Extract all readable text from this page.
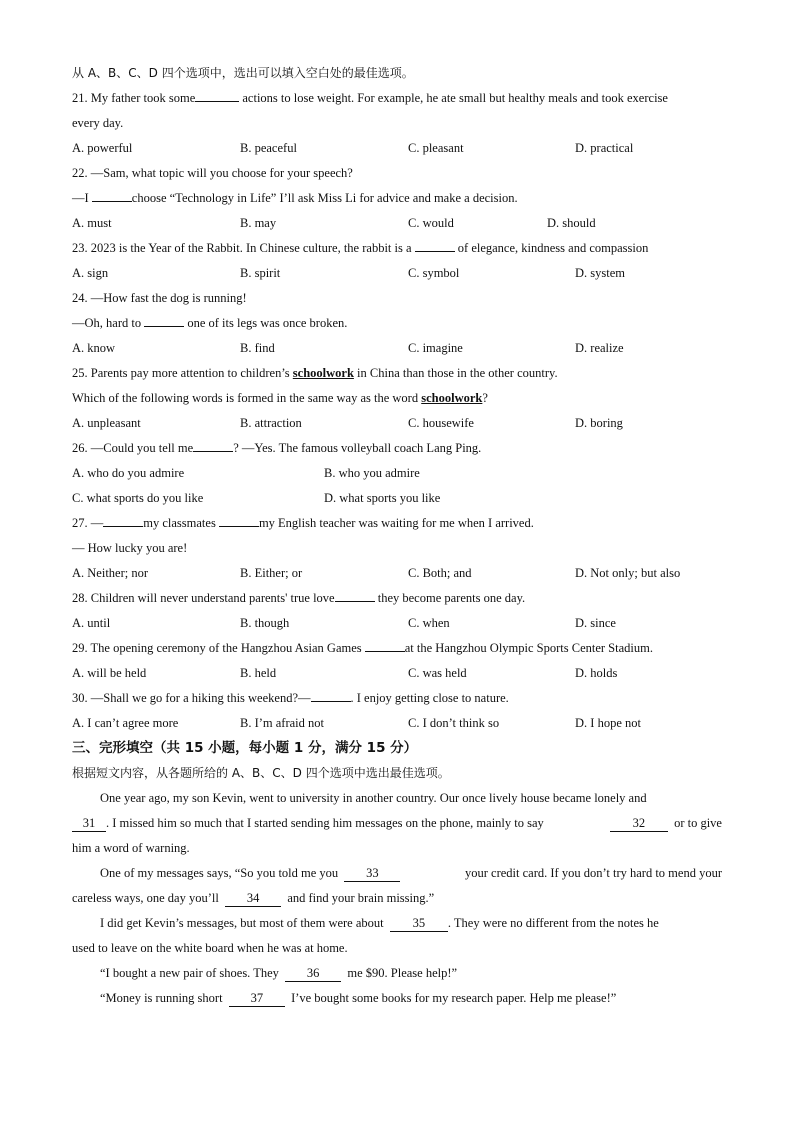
从 A、B、C、D 四个选项中，选出可以填入空白处的最佳选项。
21. My father took some	actions to lose weight. For example, he ate small but healthy meals and took exercise
every day.
A. powerful	B. peaceful	C. pleasant	D. practical
22. —Sam, what topic will you choose for your speech?
—I	choose “Technology in Life” I’ll ask Miss Li for advice and make a decision.
A. must	B. may	C. would	D. should
23. 2023 is the Year of the Rabbit. In Chinese culture, the rabbit is a	of elegance, kindness and compassion
A. sign	B. spirit	C. symbol	D. system
24. —How fast the dog is running!
—Oh, hard to	one of its legs was once broken.
A. know	B. find	C. imagine	D. realize
25. Parents pay more attention to children’s schoolwork in China than those in the other country.
Which of the following words is formed in the same way as the word schoolwork?
A. unpleasant	B. attraction	C. housewife	D. boring
26. —Could you tell me	? —Yes. The famous volleyball coach Lang Ping.
A. who do you admire	B. who you admire
C. what sports do you like	D. what sports you like
27. —	my classmates	my English teacher was waiting for me when I arrived.
— How lucky you are!
A. Neither; nor	B. Either; or	C. Both; and	D. Not only; but also
28. Children will never understand parents' true love	they become parents one day.
A. until	B. though	C. when	D. since
29. The opening ceremony of the Hangzhou Asian Games	at the Hangzhou Olympic Sports Center Stadium.
A. will be held	B. held	C. was held	D. holds
30. —Shall we go for a hiking this weekend?—	. I enjoy getting close to nature.
A. I can’t agree more	B. I’m afraid not	C. I don’t think so	D. I hope not
三、完形填空（共 15 小题，每小题 1 分，满分 15 分）
根据短文内容，从各题所给的 A、B、C、D 四个选项中选出最佳选项。
One year ago, my son Kevin, went to university in another country. Our once lively house became lonely and
31 . I missed him so much that I started sending him messages on the phone, mainly to say	32 or to give
him a word of warning.
One of my messages says, “So you told me you 33	your credit card. If you don’t try hard to mend your
careless ways, one day you’ll 34 and find your brain missing.”
I did get Kevin’s messages, but most of them were about 35 . They were no different from the notes he
used to leave on the white board when he was at home.
“I bought a new pair of shoes. They 36 me $90. Please help!”
“Money is running short 37 I’ve bought some books for my research paper. Help me please!”
